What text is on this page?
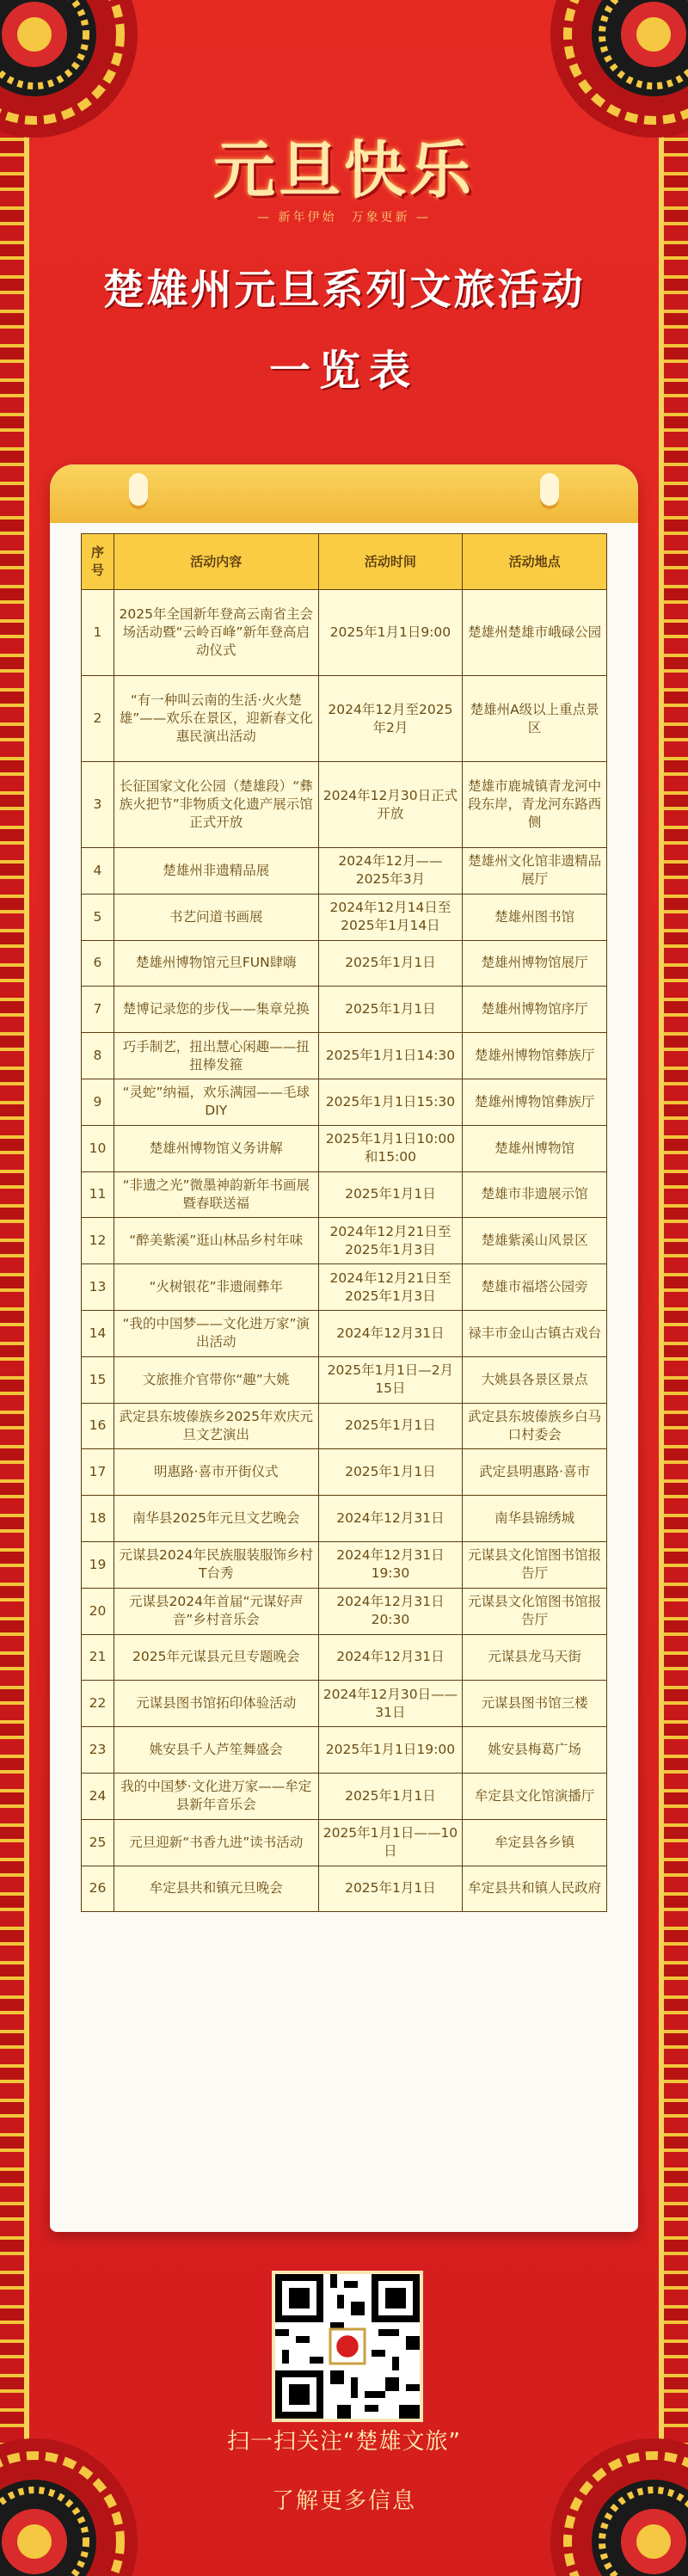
元旦快乐
— 新年伊始　万象更新 —
楚雄州元旦系列文旅活动
一览表
序号	活动内容	活动时间	活动地点
1	2025年全国新年登高云南省主会场活动暨“云岭百峰”新年登高启动仪式	2025年1月1日9:00	楚雄州楚雄市峨碌公园
2	“有一种叫云南的生活·火火楚雄”——欢乐在景区，迎新春文化惠民演出活动	2024年12月至2025年2月	楚雄州A级以上重点景区
3	长征国家文化公园（楚雄段）“彝族火把节”非物质文化遗产展示馆正式开放	2024年12月30日正式开放	楚雄市鹿城镇青龙河中段东岸，青龙河东路西侧
4	楚雄州非遗精品展	2024年12月——2025年3月	楚雄州文化馆非遗精品展厅
5	书艺问道书画展	2024年12月14日至2025年1月14日	楚雄州图书馆
6	楚雄州博物馆元旦FUN肆嗨	2025年1月1日	楚雄州博物馆展厅
7	楚博记录您的步伐——集章兑换	2025年1月1日	楚雄州博物馆序厅
8	巧手制艺，扭出慧心闲趣——扭扭棒发箍	2025年1月1日14:30	楚雄州博物馆彝族厅
9	“灵蛇”纳福，欢乐满园——毛球DIY	2025年1月1日15:30	楚雄州博物馆彝族厅
10	楚雄州博物馆义务讲解	2025年1月1日10:00和15:00	楚雄州博物馆
11	“非遗之光”微墨神韵新年书画展暨春联送福	2025年1月1日	楚雄市非遗展示馆
12	“醉美紫溪”逛山林品乡村年味	2024年12月21日至2025年1月3日	楚雄紫溪山风景区
13	“火树银花”非遗闹彝年	2024年12月21日至2025年1月3日	楚雄市福塔公园旁
14	“我的中国梦——文化进万家”演出活动	2024年12月31日	禄丰市金山古镇古戏台
15	文旅推介官带你“趣”大姚	2025年1月1日—2月15日	大姚县各景区景点
16	武定县东坡傣族乡2025年欢庆元旦文艺演出	2025年1月1日	武定县东坡傣族乡白马口村委会
17	明惠路·喜市开街仪式	2025年1月1日	武定县明惠路·喜市
18	南华县2025年元旦文艺晚会	2024年12月31日	南华县锦绣城
19	元谋县2024年民族服装服饰乡村T台秀	2024年12月31日19:30	元谋县文化馆图书馆报告厅
20	元谋县2024年首届“元谋好声音”乡村音乐会	2024年12月31日20:30	元谋县文化馆图书馆报告厅
21	2025年元谋县元旦专题晚会	2024年12月31日	元谋县龙马天街
22	元谋县图书馆拓印体验活动	2024年12月30日——31日	元谋县图书馆三楼
23	姚安县千人芦笙舞盛会	2025年1月1日19:00	姚安县梅葛广场
24	我的中国梦·文化进万家——牟定县新年音乐会	2025年1月1日	牟定县文化馆演播厅
25	元旦迎新“书香九进”读书活动	2025年1月1日——10日	牟定县各乡镇
26	牟定县共和镇元旦晚会	2025年1月1日	牟定县共和镇人民政府
扫一扫关注“楚雄文旅”
了解更多信息
